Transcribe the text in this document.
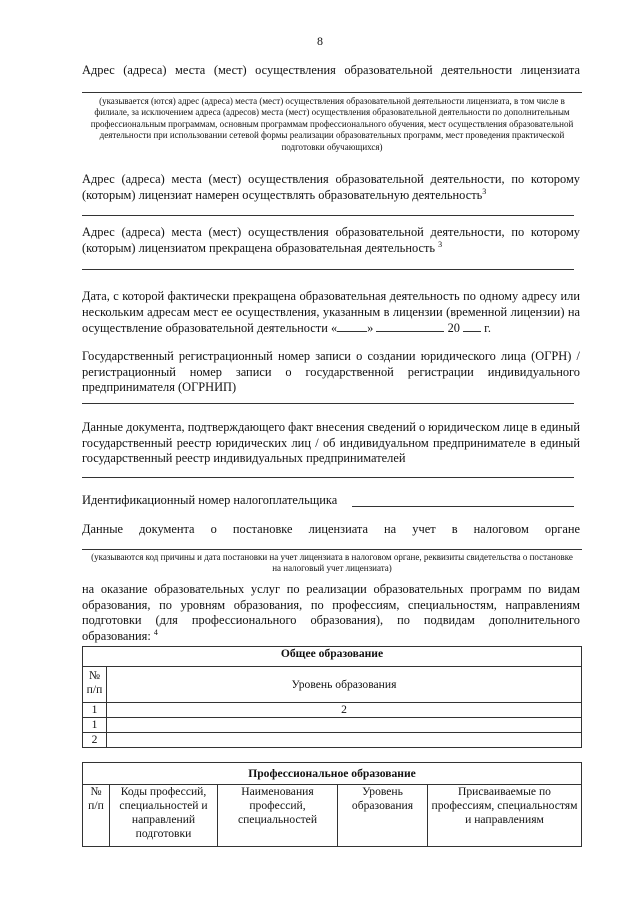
8
Адрес (адреса) места (мест) осуществления образовательной деятельности лицензиата
(указывается (ются) адрес (адреса) места (мест) осуществления образовательной деятельности лицензиата, в том числе в филиале, за исключением адреса (адресов) места (мест) осуществления образовательной деятельности по дополнительным профессиональным программам, основным программам профессионального обучения, мест осуществления образовательной деятельности при использовании сетевой формы реализации образовательных программ, мест проведения практической подготовки обучающихся)
Адрес (адреса) места (мест) осуществления образовательной деятельности, по которому (которым) лицензиат намерен осуществлять образовательную деятельность$^3$
Адрес (адреса) места (мест) осуществления образовательной деятельности, по которому (которым) лицензиатом прекращена образовательная деятельность $^3$
Дата, с которой фактически прекращена образовательная деятельность по одному адресу или нескольким адресам мест ее осуществления, указанным в лицензии (временной лицензии) на осуществление образовательной деятельности « »	20 г.
Государственный регистрационный номер записи о создании юридического лица (ОГРН) / регистрационный номер записи о государственной регистрации индивидуального предпринимателя (ОГРНИП)
Данные документа, подтверждающего факт внесения сведений о юридическом лице в единый государственный реестр юридических лиц / об индивидуальном предпринимателе в единый государственный реестр индивидуальных предпринимателей
Идентификационный номер налогоплательщика
Данные документа о постановке лицензиата на учет в налоговом органе
(указываются код причины и дата постановки на учет лицензиата в налоговом органе, реквизиты свидетельства о постановке на налоговый учет лицензиата)
на оказание образовательных услуг по реализации образовательных программ по видам образования, по уровням образования, по профессиям, специальностям, направлениям подготовки (для профессионального образования), по подвидам дополнительного образования: $^4$
Общее образование	
№ п/п	Уровень образования
1	2
1	
2	
Профессиональное образование
№ п/п	Коды профессий, специальностей и направлений подготовки	Наименования профессий, специальностей	Уровень образования	Присваиваемые по профессиям, специальностям и направлениям
